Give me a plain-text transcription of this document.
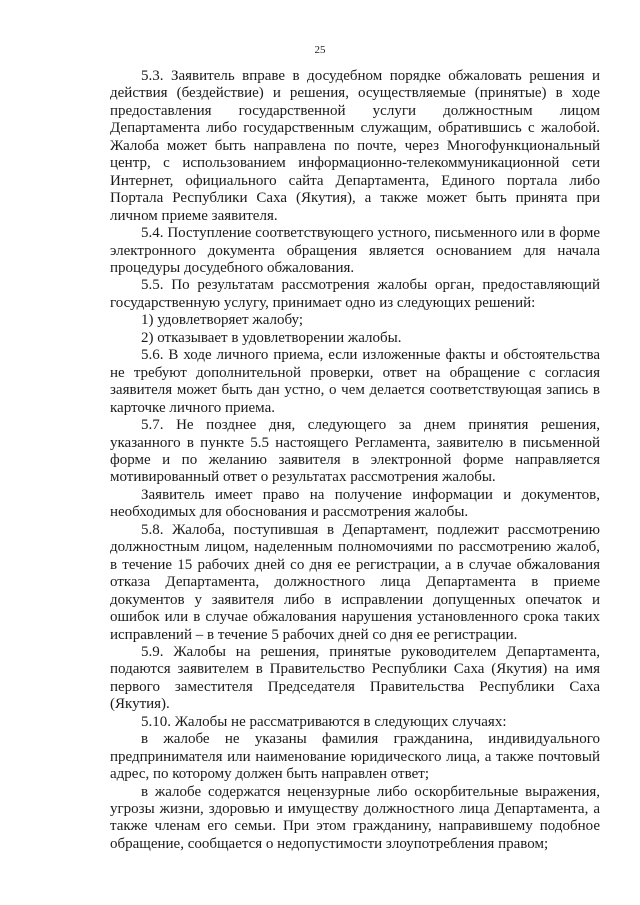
25

5.3. Заявитель вправе в досудебном порядке обжаловать решения и действия (бездействие) и решения, осуществляемые (принятые) в ходе предоставления государственной услуги должностным лицом Департамента либо государственным служащим, обратившись с жалобой. Жалоба может быть направлена по почте, через Многофункциональный центр, с использованием информационно-телекоммуникационной сети Интернет, официального сайта Департамента, Единого портала либо Портала Республики Саха (Якутия), а также может быть принята при личном приеме заявителя.

5.4. Поступление соответствующего устного, письменного или в форме электронного документа обращения является основанием для начала процедуры досудебного обжалования.

5.5. По результатам рассмотрения жалобы орган, предоставляющий государственную услугу, принимает одно из следующих решений:

1) удовлетворяет жалобу;

2) отказывает в удовлетворении жалобы.

5.6. В ходе личного приема, если изложенные факты и обстоятельства не требуют дополнительной проверки, ответ на обращение с согласия заявителя может быть дан устно, о чем делается соответствующая запись в карточке личного приема.

5.7. Не позднее дня, следующего за днем принятия решения, указанного в пункте 5.5 настоящего Регламента, заявителю в письменной форме и по желанию заявителя в электронной форме направляется мотивированный ответ о результатах рассмотрения жалобы.

Заявитель имеет право на получение информации и документов, необходимых для обоснования и рассмотрения жалобы.

5.8. Жалоба, поступившая в Департамент, подлежит рассмотрению должностным лицом, наделенным полномочиями по рассмотрению жалоб, в течение 15 рабочих дней со дня ее регистрации, а в случае обжалования отказа Департамента, должностного лица Департамента в приеме документов у заявителя либо в исправлении допущенных опечаток и ошибок или в случае обжалования нарушения установленного срока таких исправлений – в течение 5 рабочих дней со дня ее регистрации.

5.9. Жалобы на решения, принятые руководителем Департамента, подаются заявителем в Правительство Республики Саха (Якутия) на имя первого заместителя Председателя Правительства Республики Саха (Якутия).

5.10. Жалобы не рассматриваются в следующих случаях:

в жалобе не указаны фамилия гражданина, индивидуального предпринимателя или наименование юридического лица, а также почтовый адрес, по которому должен быть направлен ответ;

в жалобе содержатся нецензурные либо оскорбительные выражения, угрозы жизни, здоровью и имуществу должностного лица Департамента, а также членам его семьи. При этом гражданину, направившему подобное обращение, сообщается о недопустимости злоупотребления правом;
